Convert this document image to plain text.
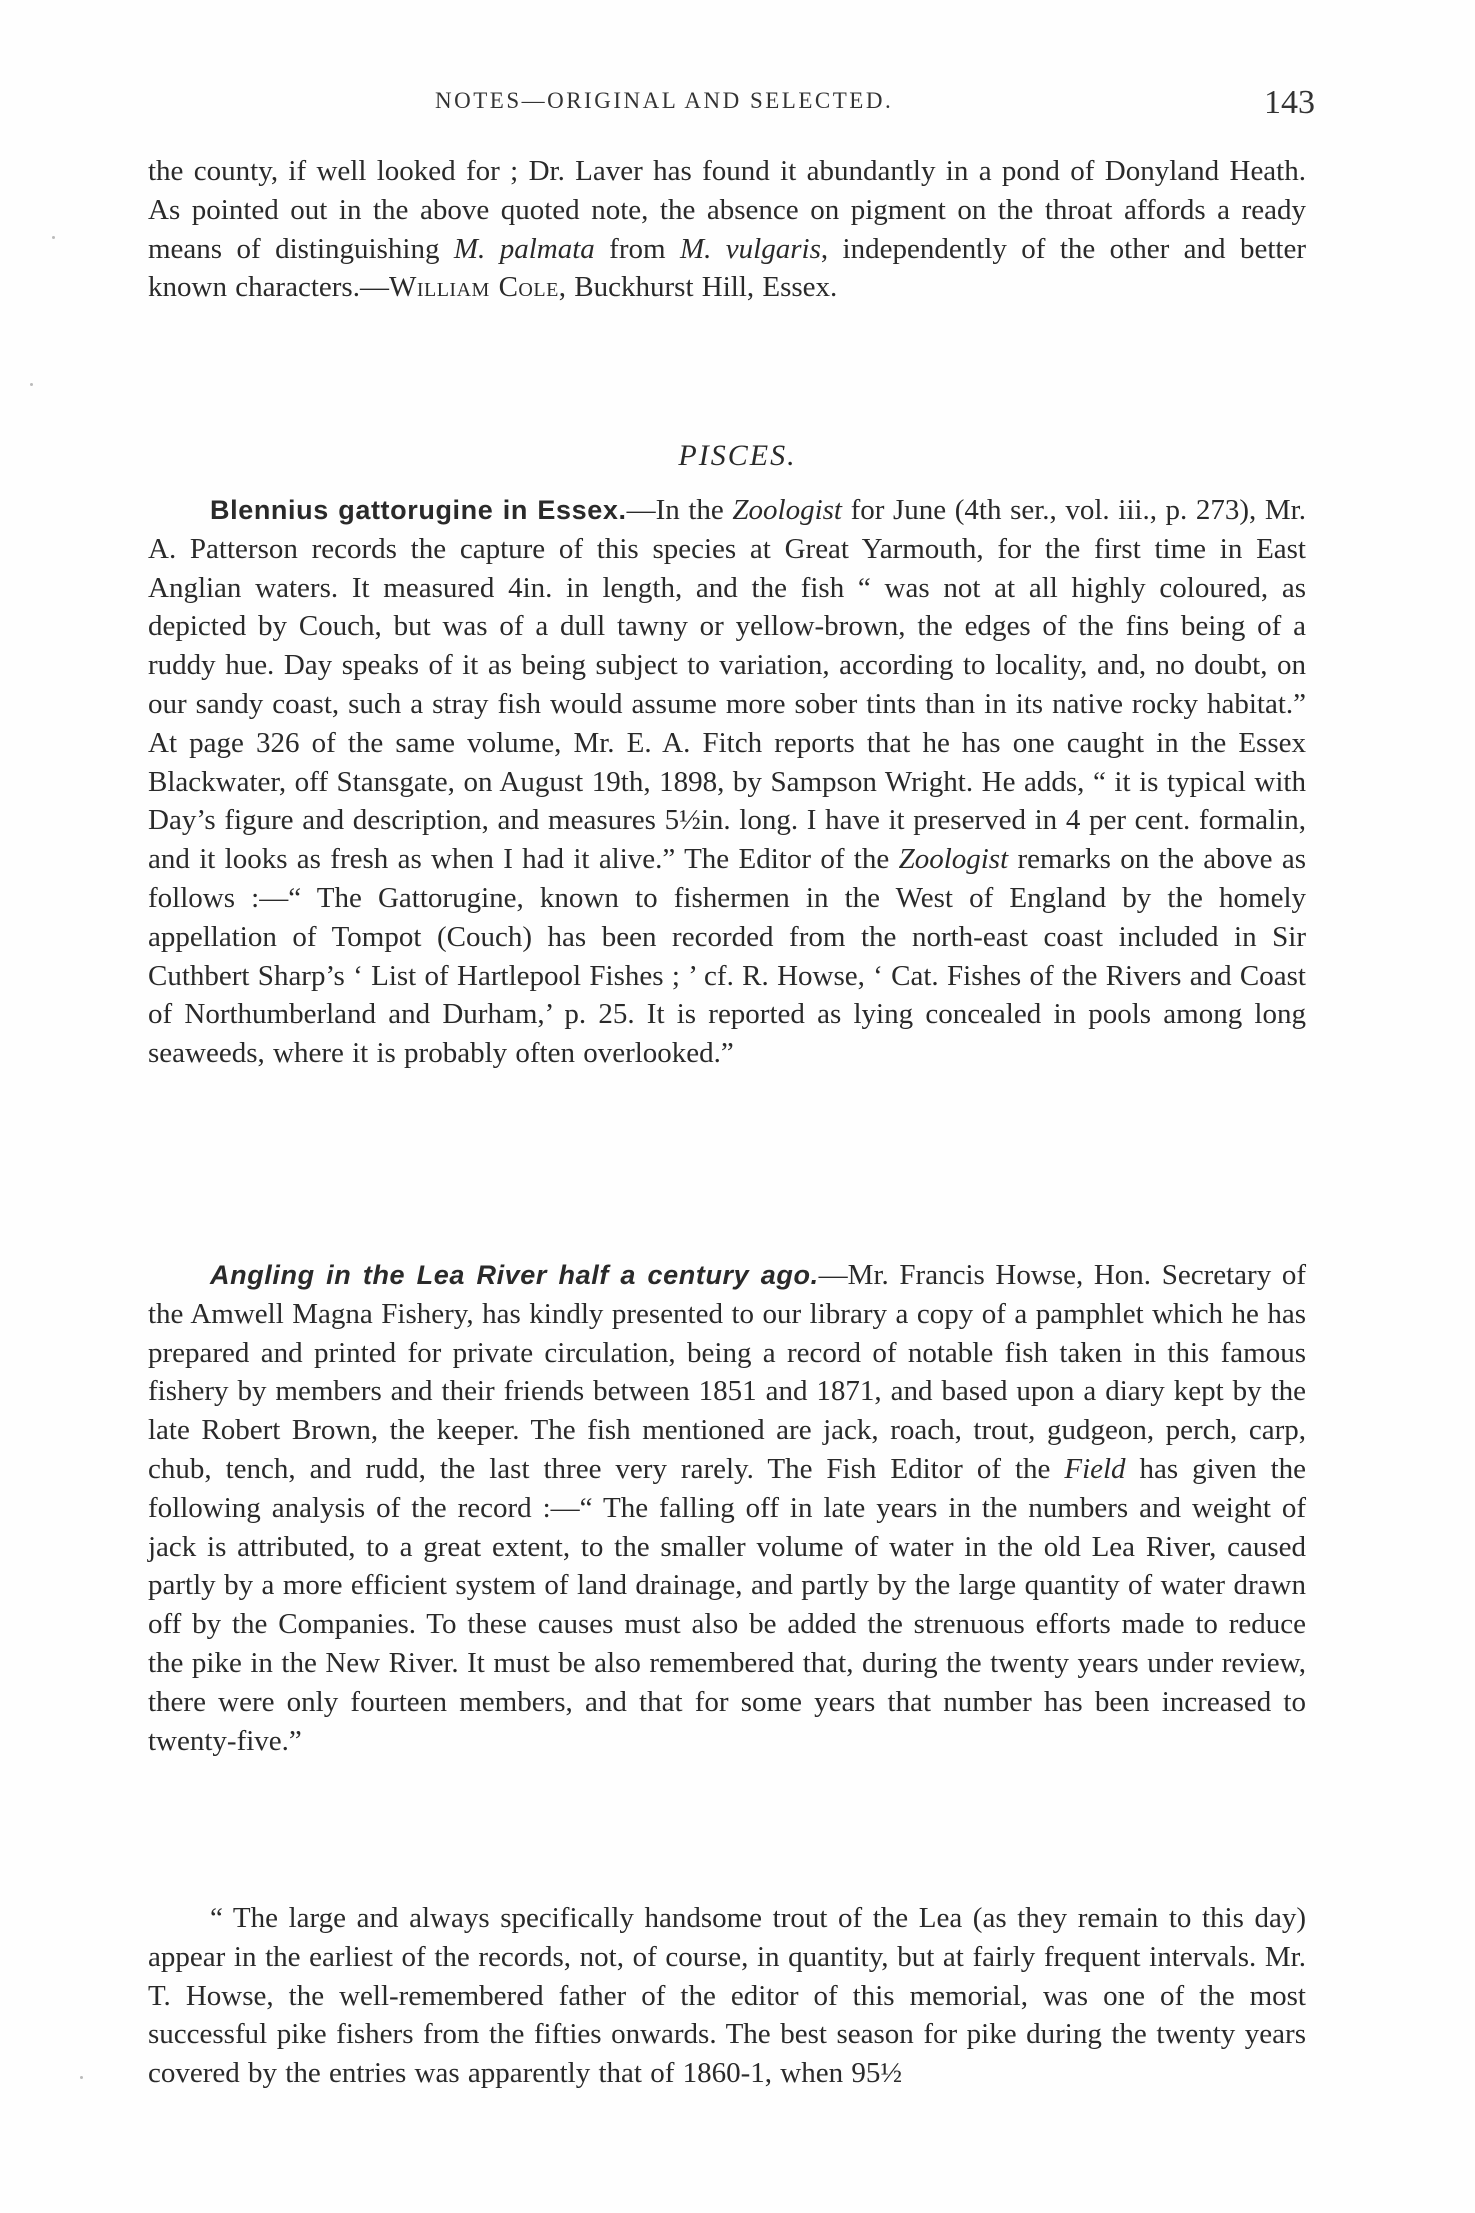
NOTES—ORIGINAL AND SELECTED.	143

the county, if well looked for ; Dr. Laver has found it abundantly in a pond of Donyland Heath. As pointed out in the above quoted note, the absence on pigment on the throat affords a ready means of distinguishing M. palmata from M. vulgaris, independently of the other and better known characters.—William Cole, Buckhurst Hill, Essex.

PISCES.

Blennius gattorugine in Essex.—In the Zoologist for June (4th ser., vol. iii., p. 273), Mr. A. Patterson records the capture of this species at Great Yarmouth, for the first time in East Anglian waters. It measured 4in. in length, and the fish “ was not at all highly coloured, as depicted by Couch, but was of a dull tawny or yellow-brown, the edges of the fins being of a ruddy hue. Day speaks of it as being subject to variation, according to locality, and, no doubt, on our sandy coast, such a stray fish would assume more sober tints than in its native rocky habitat.” At page 326 of the same volume, Mr. E. A. Fitch reports that he has one caught in the Essex Blackwater, off Stansgate, on August 19th, 1898, by Sampson Wright. He adds, “ it is typical with Day’s figure and description, and measures 5½in. long. I have it preserved in 4 per cent. formalin, and it looks as fresh as when I had it alive.” The Editor of the Zoologist remarks on the above as follows :—“ The Gattorugine, known to fishermen in the West of England by the homely appellation of Tompot (Couch) has been recorded from the north-east coast included in Sir Cuthbert Sharp’s ‘ List of Hartlepool Fishes ; ’ cf. R. Howse, ‘ Cat. Fishes of the Rivers and Coast of Northumberland and Durham,’ p. 25. It is reported as lying concealed in pools among long seaweeds, where it is probably often overlooked.”

Angling in the Lea River half a century ago.—Mr. Francis Howse, Hon. Secretary of the Amwell Magna Fishery, has kindly presented to our library a copy of a pamphlet which he has prepared and printed for private circulation, being a record of notable fish taken in this famous fishery by members and their friends between 1851 and 1871, and based upon a diary kept by the late Robert Brown, the keeper. The fish mentioned are jack, roach, trout, gudgeon, perch, carp, chub, tench, and rudd, the last three very rarely. The Fish Editor of the Field has given the following analysis of the record :—“ The falling off in late years in the numbers and weight of jack is attributed, to a great extent, to the smaller volume of water in the old Lea River, caused partly by a more efficient system of land drainage, and partly by the large quantity of water drawn off by the Companies. To these causes must also be added the strenuous efforts made to reduce the pike in the New River. It must be also remembered that, during the twenty years under review, there were only fourteen members, and that for some years that number has been increased to twenty-five.”

“ The large and always specifically handsome trout of the Lea (as they remain to this day) appear in the earliest of the records, not, of course, in quantity, but at fairly frequent intervals. Mr. T. Howse, the well-remembered father of the editor of this memorial, was one of the most successful pike fishers from the fifties onwards. The best season for pike during the twenty years covered by the entries was apparently that of 1860-1, when 95½
